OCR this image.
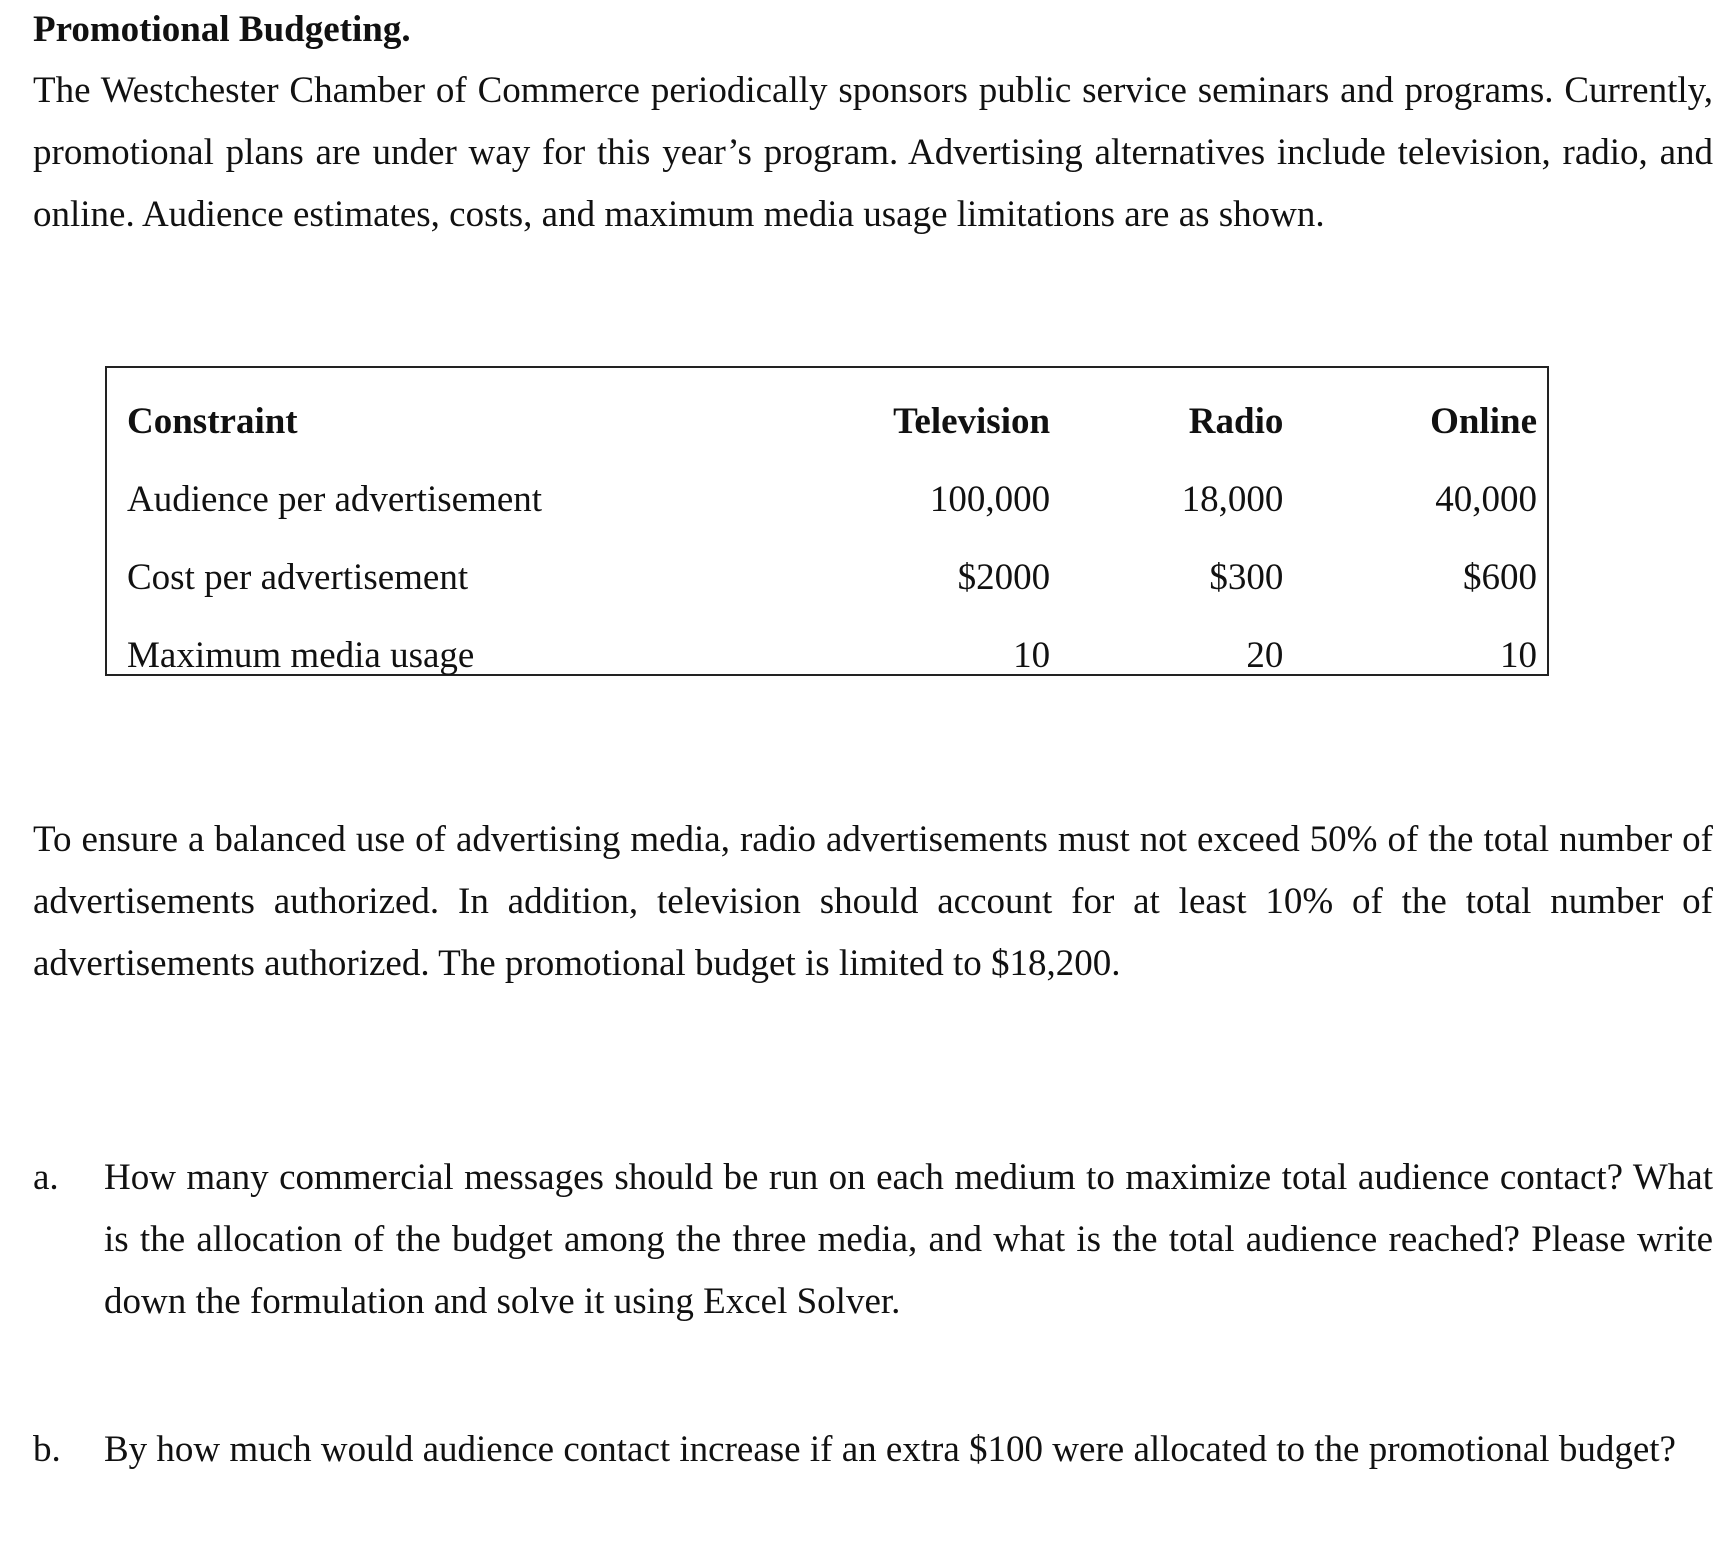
Promotional Budgeting.

The Westchester Chamber of Commerce periodically sponsors public service seminars and programs. Currently, promotional plans are under way for this year’s program. Advertising alternatives include television, radio, and online. Audience estimates, costs, and maximum media usage limitations are as shown.

Constraint	Television	Radio	Online
Audience per advertisement	100,000	18,000	40,000
Cost per advertisement	$2000	$300	$600
Maximum media usage	10	20	10

To ensure a balanced use of advertising media, radio advertisements must not exceed 50% of the total number of advertisements authorized. In addition, television should account for at least 10% of the total number of advertisements authorized. The promotional budget is limited to $18,200.

a. How many commercial messages should be run on each medium to maximize total audience contact? What is the allocation of the budget among the three media, and what is the total audience reached? Please write down the formulation and solve it using Excel Solver.
b. By how much would audience contact increase if an extra $100 were allocated to the promotional budget?
